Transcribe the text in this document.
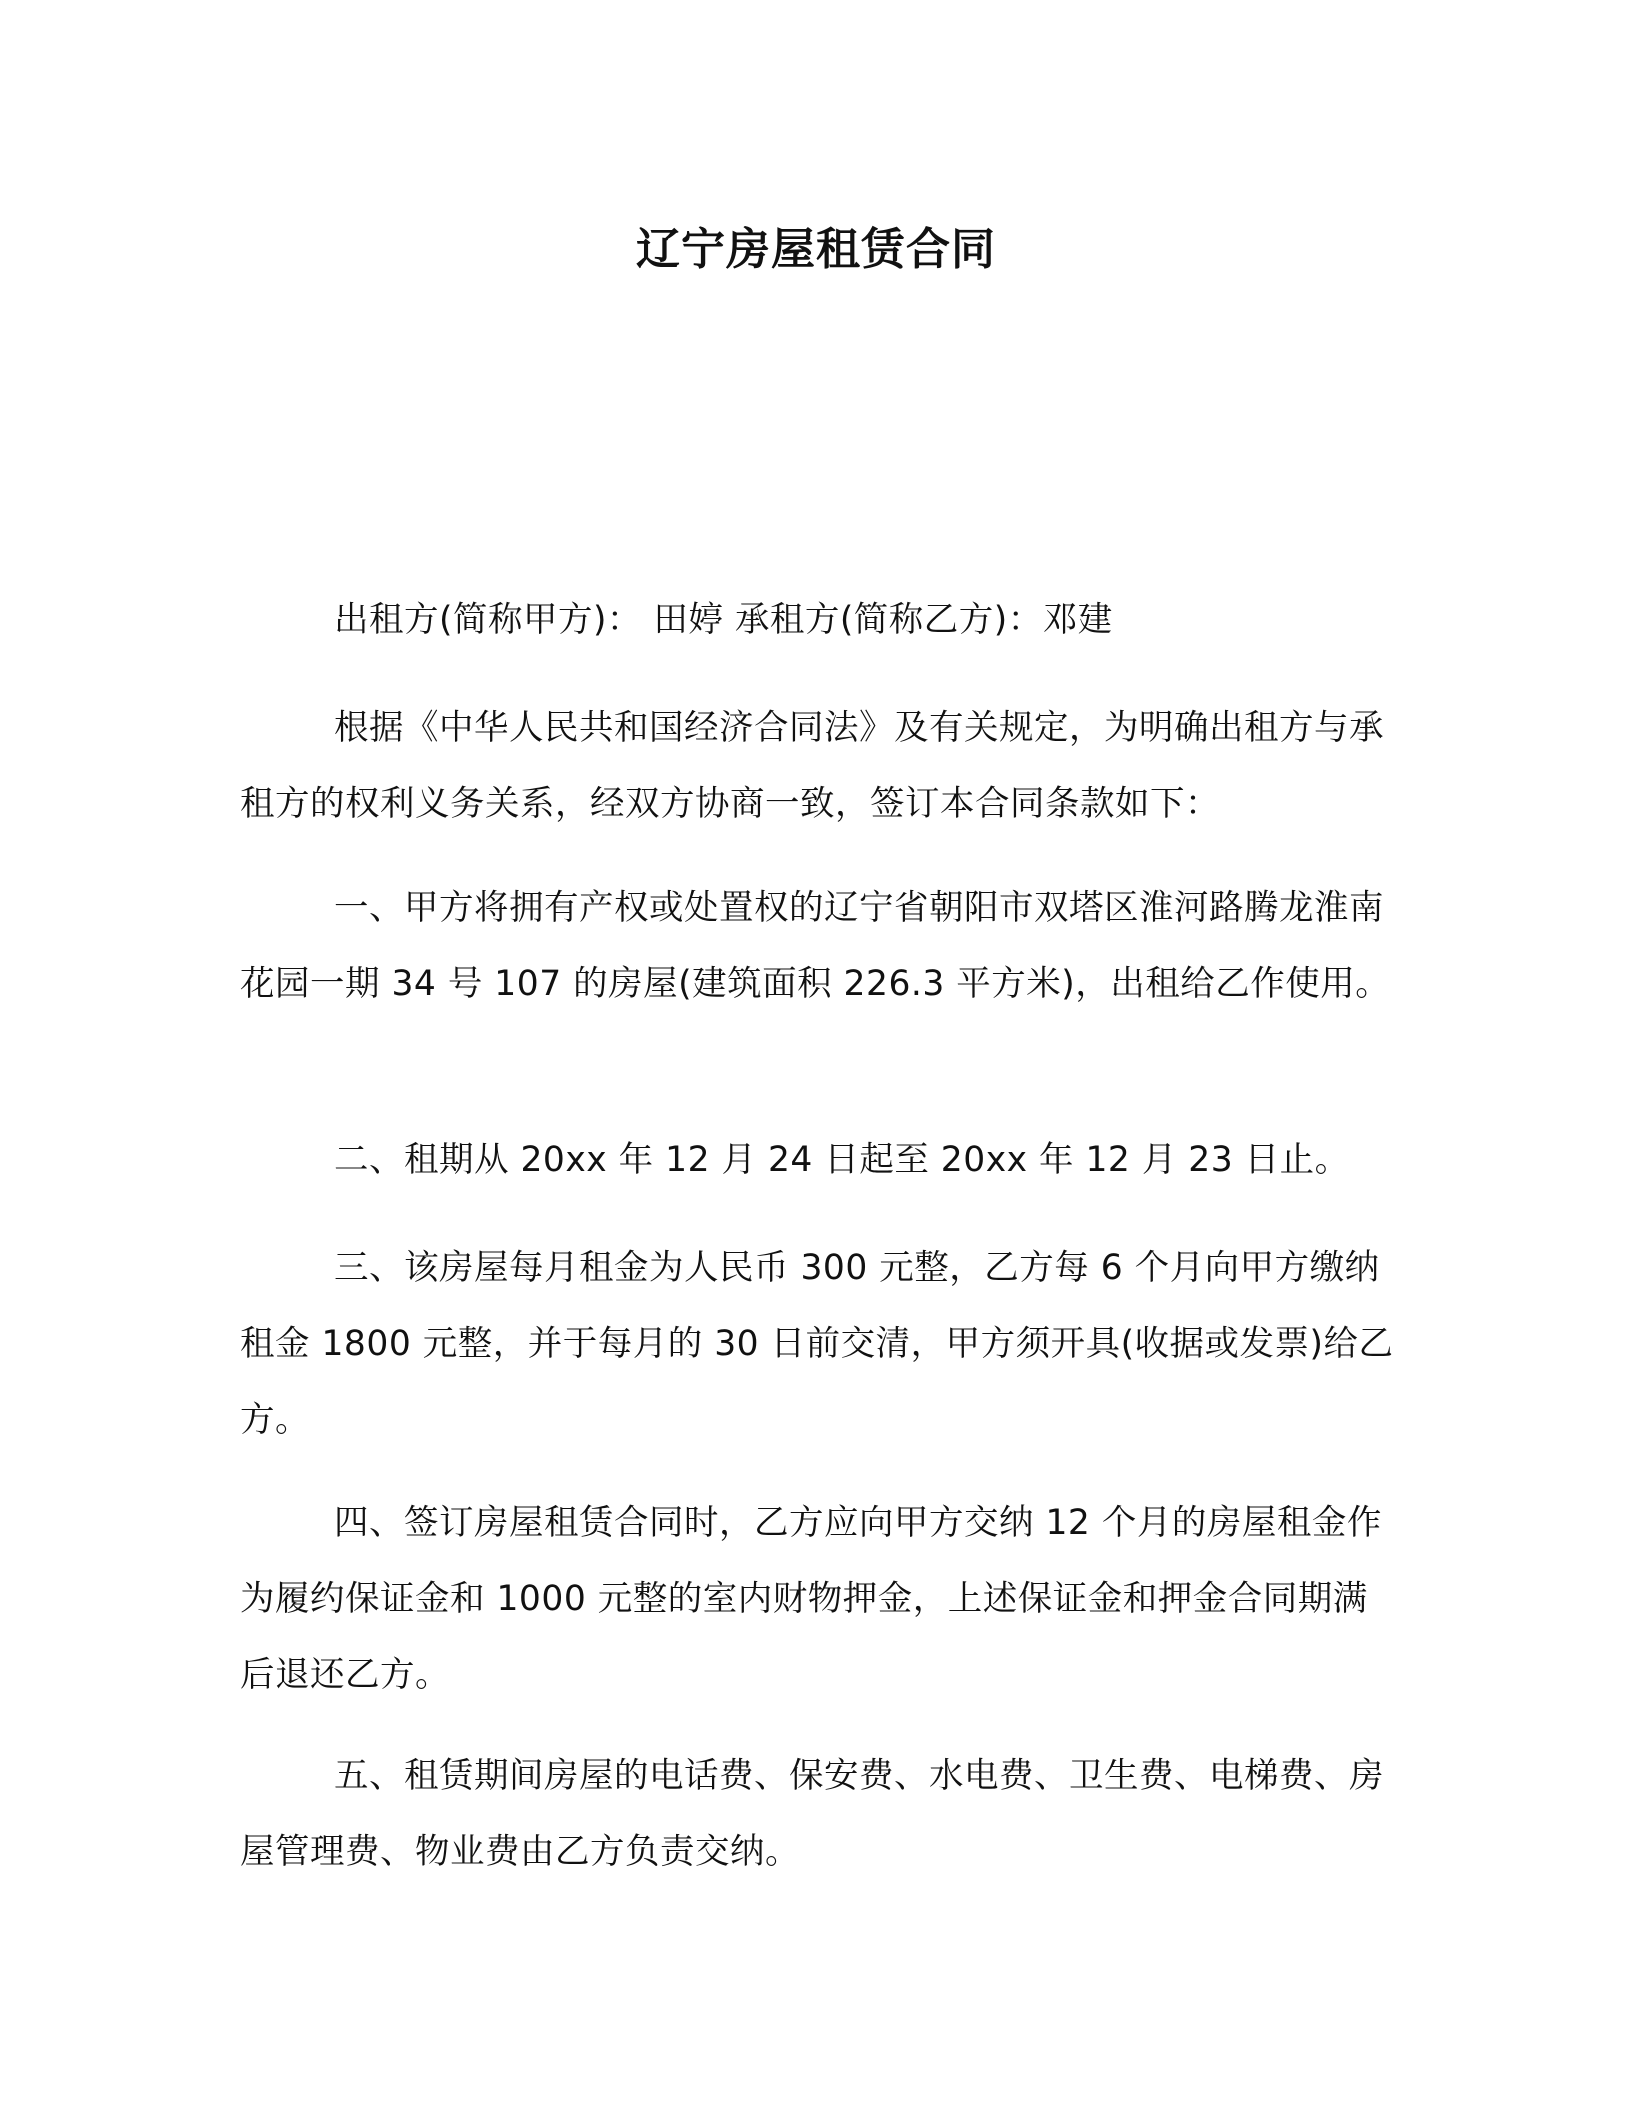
辽宁房屋租赁合同
出租方(简称甲方)： 田婷 承租方(简称乙方)：邓建
根据《中华人民共和国经济合同法》及有关规定，为明确出租方与承租方的权利义务关系，经双方协商一致，签订本合同条款如下：
一、甲方将拥有产权或处置权的辽宁省朝阳市双塔区淮河路腾龙淮南花园一期 34 号 107 的房屋(建筑面积 226.3 平方米)，出租给乙作使用。
二、租期从 20xx 年 12 月 24 日起至 20xx 年 12 月 23 日止。
三、该房屋每月租金为人民币 300 元整，乙方每 6 个月向甲方缴纳租金 1800 元整，并于每月的 30 日前交清，甲方须开具(收据或发票)给乙方。
四、签订房屋租赁合同时，乙方应向甲方交纳 12 个月的房屋租金作为履约保证金和 1000 元整的室内财物押金，上述保证金和押金合同期满后退还乙方。
五、租赁期间房屋的电话费、保安费、水电费、卫生费、电梯费、房屋管理费、物业费由乙方负责交纳。
